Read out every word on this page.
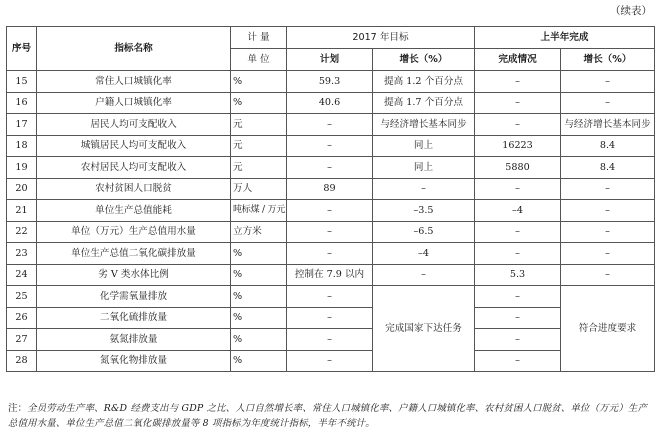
（续表）
序号	指标名称	计 量	2017 年目标		上半年完成	
		单 位	计划	增长（%）	完成情况	增长（%）
15	常住人口城镇化率	%	59.3	提高 1.2 个百分点	–	–
16	户籍人口城镇化率	%	40.6	提高 1.7 个百分点	–	–
17	居民人均可支配收入	元	–	与经济增长基本同步	–	与经济增长基本同步
18	城镇居民人均可支配收入	元	–	同上	16223	8.4
19	农村居民人均可支配收入	元	–	同上	5880	8.4
20	农村贫困人口脱贫	万人	89	–	–	–
21	单位生产总值能耗	吨标煤 / 万元	–	–3.5	–4	–
22	单位（万元）生产总值用水量	立方米	–	–6.5	–	–
23	单位生产总值二氧化碳排放量	%	–	–4	–	–
24	劣 V 类水体比例	%	控制在 7.9 以内	–	5.3	–
25	化学需氧量排放	%	–	完成国家下达任务	–	符合进度要求
26	二氧化硫排放量	%	–		–	
27	氨氮排放量	%	–		–	
28	氮氧化物排放量	%	–		–	
注：全员劳动生产率、R&D 经费支出与 GDP 之比、人口自然增长率、常住人口城镇化率、户籍人口城镇化率、农村贫困人口脱贫、单位（万元）生产总值用水量、单位生产总值二氧化碳排放量等 8 项指标为年度统计指标，半年不统计。
